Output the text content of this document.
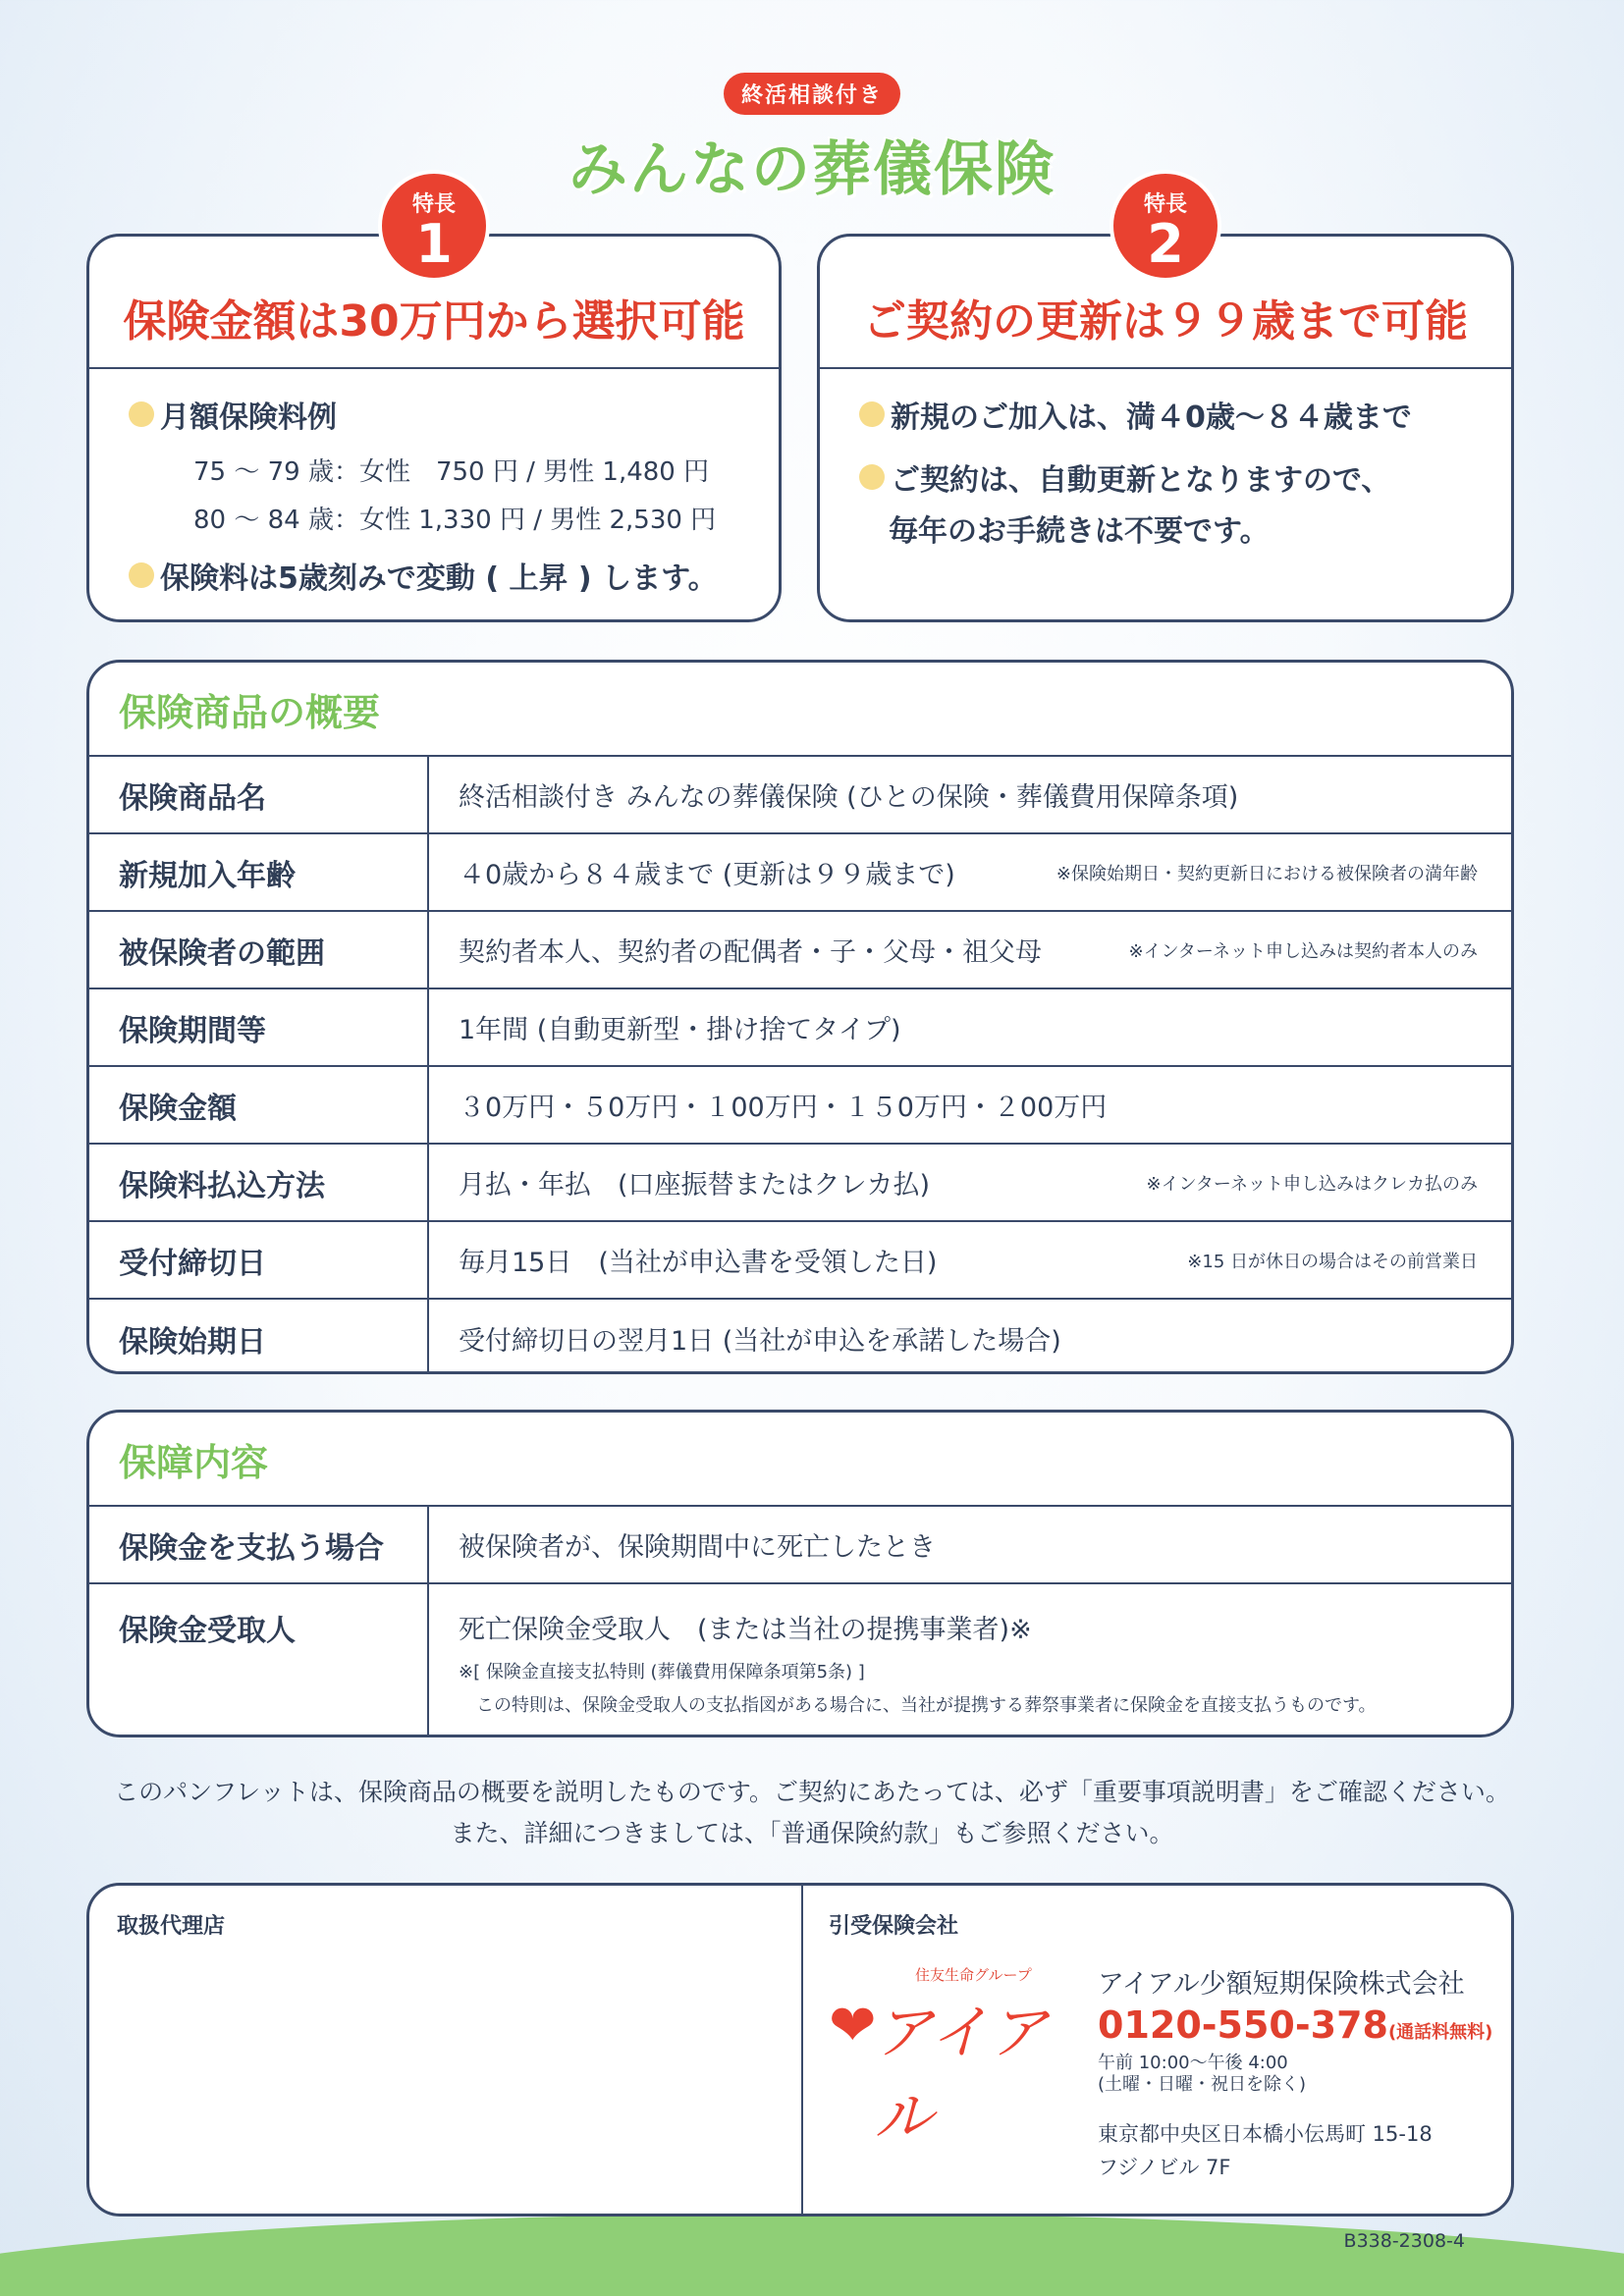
終活相談付き
みんなの葬儀保険
特長
1
保険金額は30万円から選択可能
月額保険料例
75 ～ 79 歳：女性　750 円 / 男性 1,480 円
80 ～ 84 歳：女性 1,330 円 / 男性 2,530 円
保険料は5歳刻みで変動 ( 上昇 ) します。
特長
2
ご契約の更新は９９歳まで可能
新規のご加入は、満４0歳～８４歳まで
ご契約は、自動更新となりますので、
毎年のお手続きは不要です。
保険商品の概要
保険商品名	終活相談付き みんなの葬儀保険 (ひとの保険・葬儀費用保障条項)
新規加入年齢	４0歳から８４歳まで (更新は９９歳まで)	※保険始期日・契約更新日における被保険者の満年齢
被保険者の範囲	契約者本人、契約者の配偶者・子・父母・祖父母	※インターネット申し込みは契約者本人のみ
保険期間等	1年間 (自動更新型・掛け捨てタイプ)
保険金額	３0万円・５0万円・１00万円・１５0万円・２00万円
保険料払込方法	月払・年払　(口座振替またはクレカ払)	※インターネット申し込みはクレカ払のみ
受付締切日	毎月15日　(当社が申込書を受領した日)	※15 日が休日の場合はその前営業日
保険始期日	受付締切日の翌月1日 (当社が申込を承諾した場合)
保障内容
保険金を支払う場合	被保険者が、保険期間中に死亡したとき
保険金受取人	死亡保険金受取人　(または当社の提携事業者)※
※[ 保険金直接支払特則 (葬儀費用保障条項第5条) ]
この特則は、保険金受取人の支払指図がある場合に、当社が提携する葬祭事業者に保険金を直接支払うものです。
このパンフレットは、保険商品の概要を説明したものです。ご契約にあたっては、必ず「重要事項説明書」をご確認ください。
また、詳細につきましては、「普通保険約款」もご参照ください。
取扱代理店	引受保険会社
住友生命グループ
❤
アイアル
アイアル少額短期保険株式会社
0120-550-378(通話料無料)
午前 10:00～午後 4:00
(土曜・日曜・祝日を除く)
東京都中央区日本橋小伝馬町 15-18
フジノビル 7F
B338-2308-4
